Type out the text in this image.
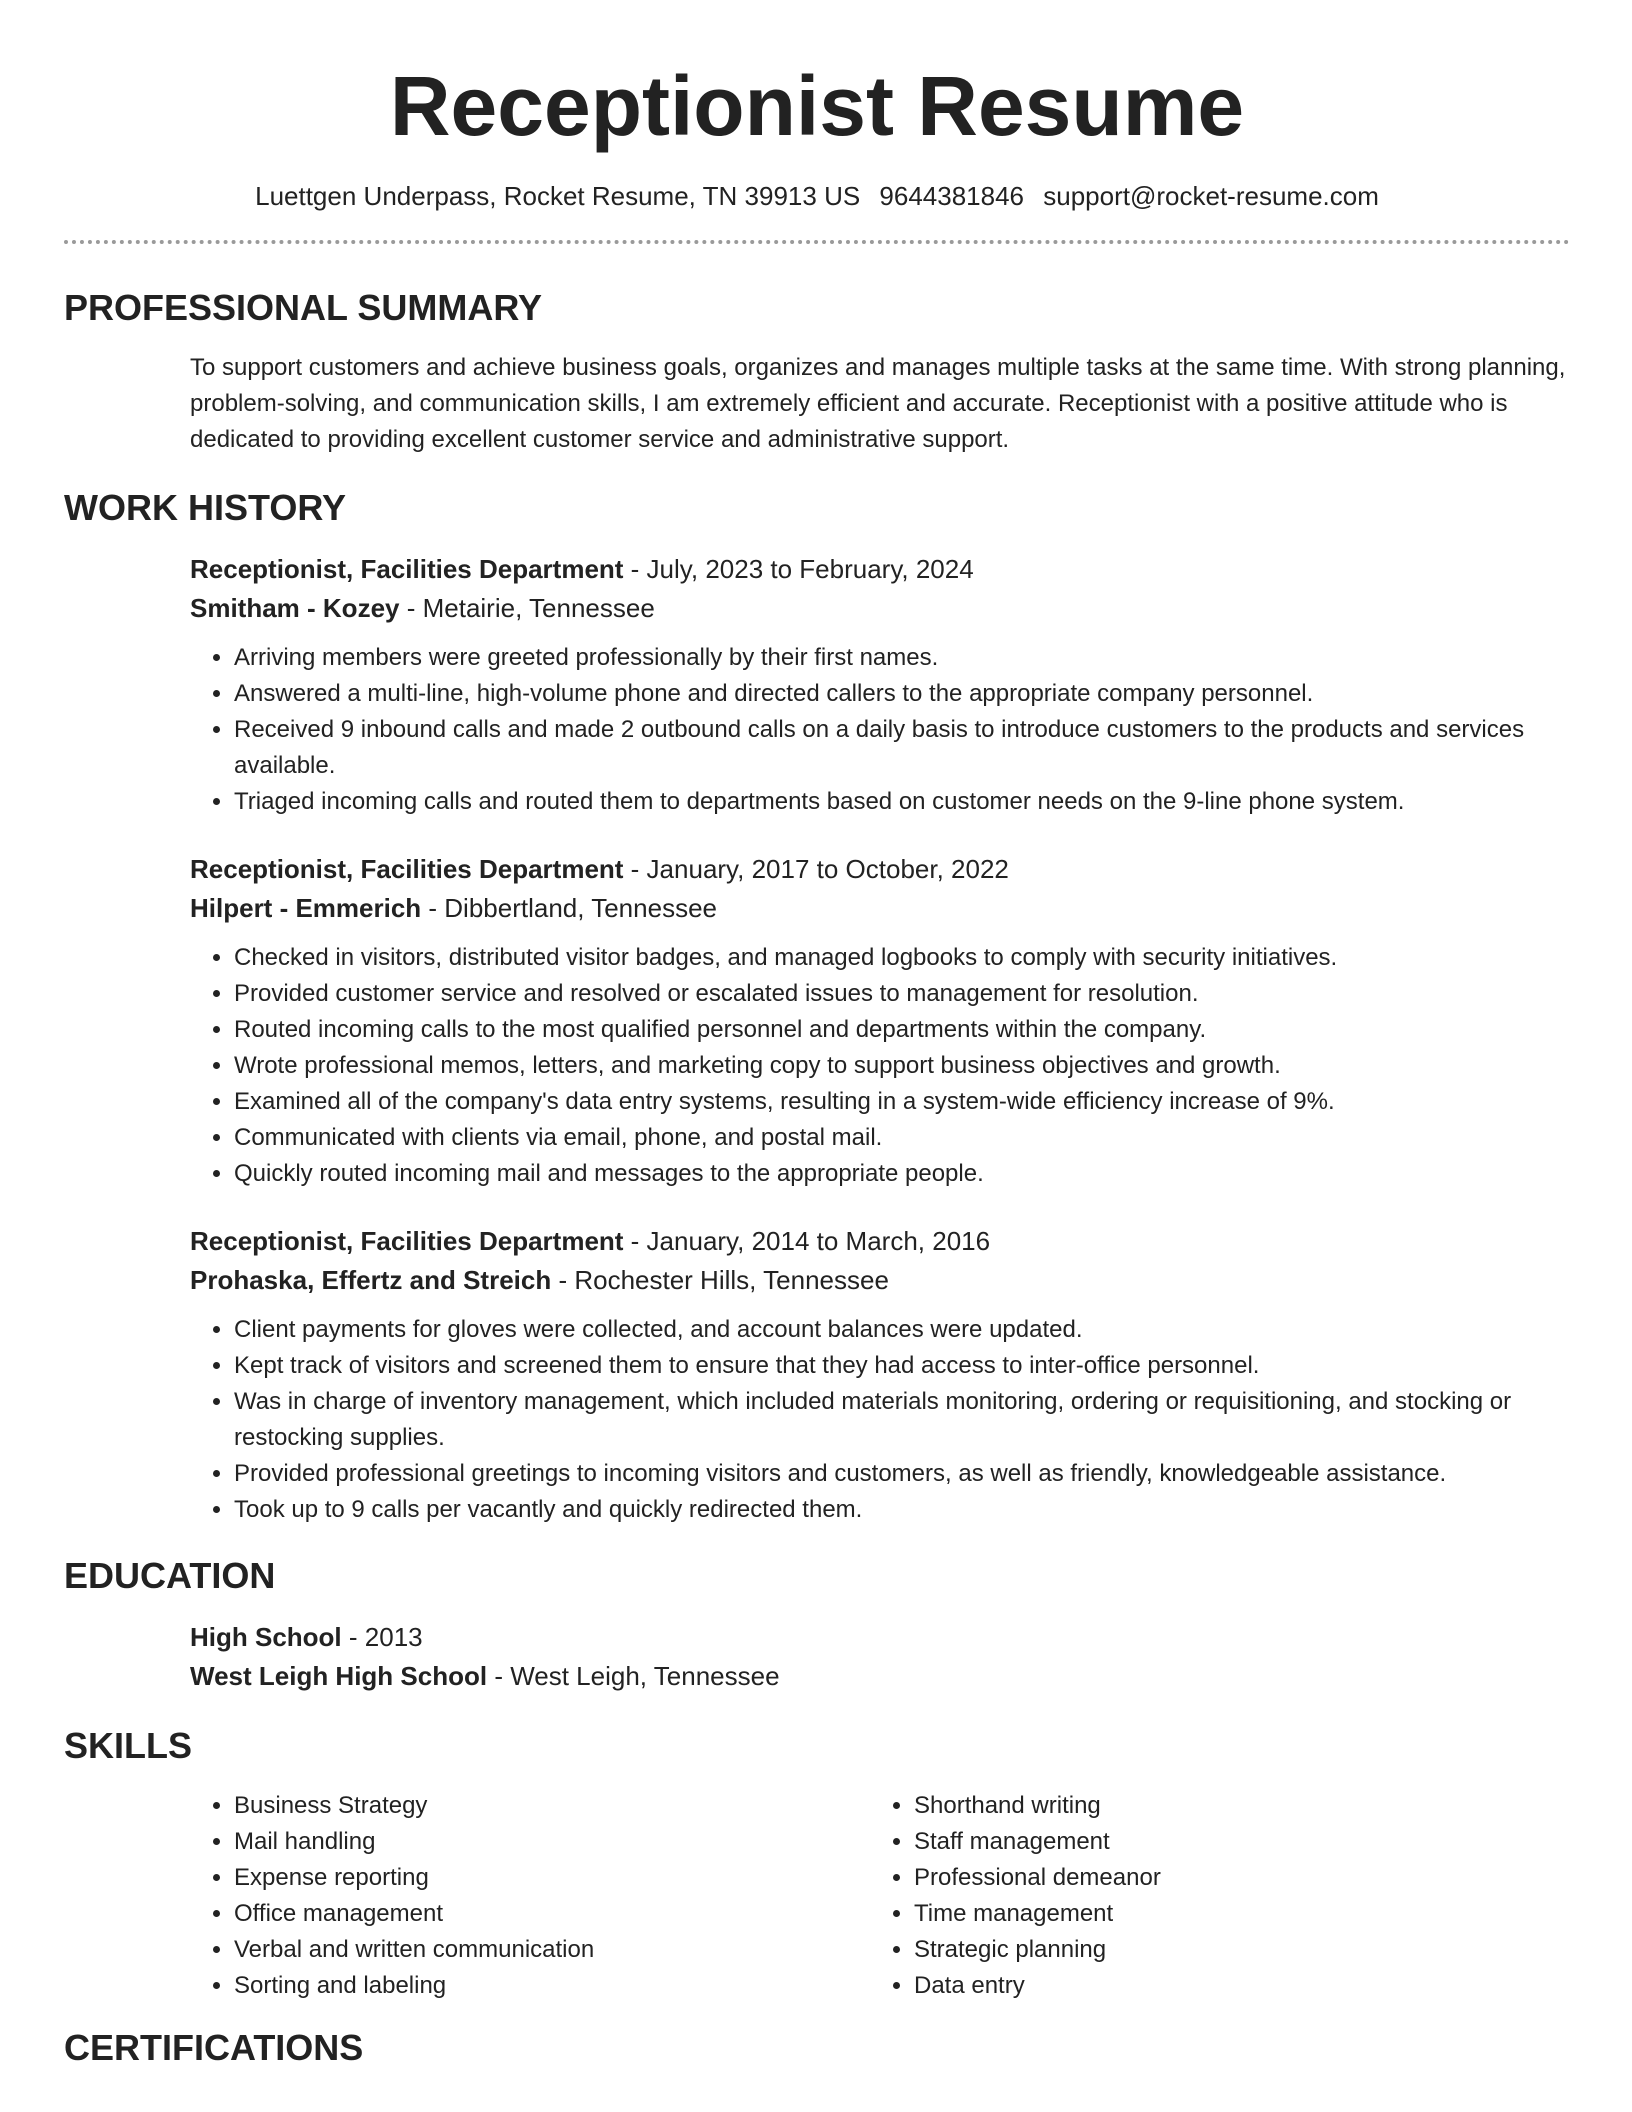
Receptionist Resume
Luettgen Underpass, Rocket Resume, TN 39913 US 9644381846 support@rocket-resume.com
PROFESSIONAL SUMMARY
To support customers and achieve business goals, organizes and manages multiple tasks at the same time. With strong planning, problem-solving, and communication skills, I am extremely efficient and accurate. Receptionist with a positive attitude who is dedicated to providing excellent customer service and administrative support.
WORK HISTORY
Receptionist, Facilities Department - July, 2023 to February, 2024
Smitham - Kozey - Metairie, Tennessee
• Arriving members were greeted professionally by their first names.
• Answered a multi-line, high-volume phone and directed callers to the appropriate company personnel.
• Received 9 inbound calls and made 2 outbound calls on a daily basis to introduce customers to the products and services available.
• Triaged incoming calls and routed them to departments based on customer needs on the 9-line phone system.
Receptionist, Facilities Department - January, 2017 to October, 2022
Hilpert - Emmerich - Dibbertland, Tennessee
• Checked in visitors, distributed visitor badges, and managed logbooks to comply with security initiatives.
• Provided customer service and resolved or escalated issues to management for resolution.
• Routed incoming calls to the most qualified personnel and departments within the company.
• Wrote professional memos, letters, and marketing copy to support business objectives and growth.
• Examined all of the company's data entry systems, resulting in a system-wide efficiency increase of 9%.
• Communicated with clients via email, phone, and postal mail.
• Quickly routed incoming mail and messages to the appropriate people.
Receptionist, Facilities Department - January, 2014 to March, 2016
Prohaska, Effertz and Streich - Rochester Hills, Tennessee
• Client payments for gloves were collected, and account balances were updated.
• Kept track of visitors and screened them to ensure that they had access to inter-office personnel.
• Was in charge of inventory management, which included materials monitoring, ordering or requisitioning, and stocking or restocking supplies.
• Provided professional greetings to incoming visitors and customers, as well as friendly, knowledgeable assistance.
• Took up to 9 calls per vacantly and quickly redirected them.
EDUCATION
High School - 2013
West Leigh High School - West Leigh, Tennessee
SKILLS
• Business Strategy
• Mail handling
• Expense reporting
• Office management
• Verbal and written communication
• Sorting and labeling
• Shorthand writing
• Staff management
• Professional demeanor
• Time management
• Strategic planning
• Data entry
CERTIFICATIONS
